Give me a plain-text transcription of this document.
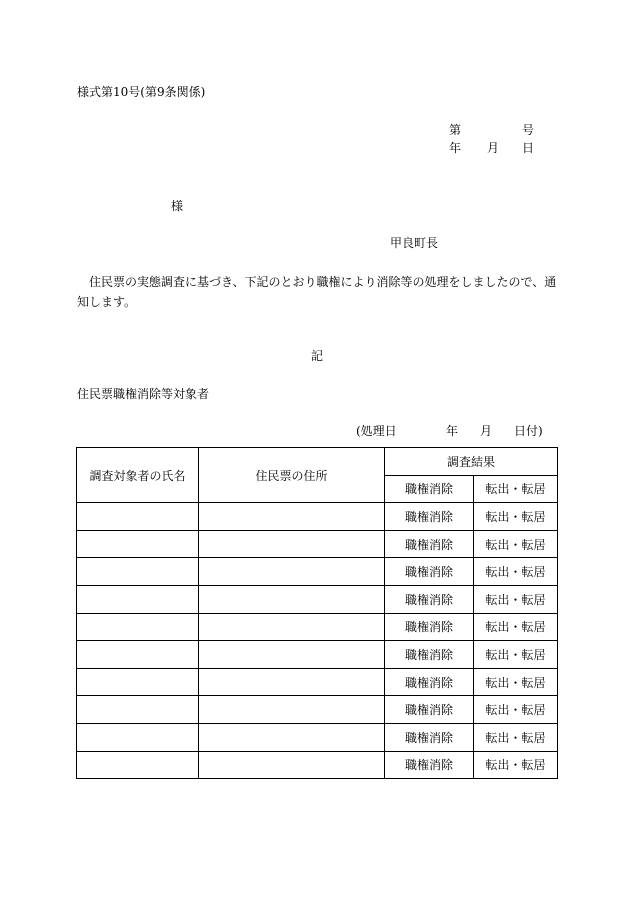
様式第10号(第9条関係)
第	号
年 月 日
様
甲良町長
住民票の実態調査に基づき、下記のとおり職権により消除等の処理をしましたので、通知します。
記
住民票職権消除等対象者
(処理日	年 月 日付)
調査対象者の氏名	住民票の住所	調査結果	
		職権消除	転出・転居
		職権消除	転出・転居
		職権消除	転出・転居
		職権消除	転出・転居
		職権消除	転出・転居
		職権消除	転出・転居
		職権消除	転出・転居
		職権消除	転出・転居
		職権消除	転出・転居
		職権消除	転出・転居
		職権消除	転出・転居
